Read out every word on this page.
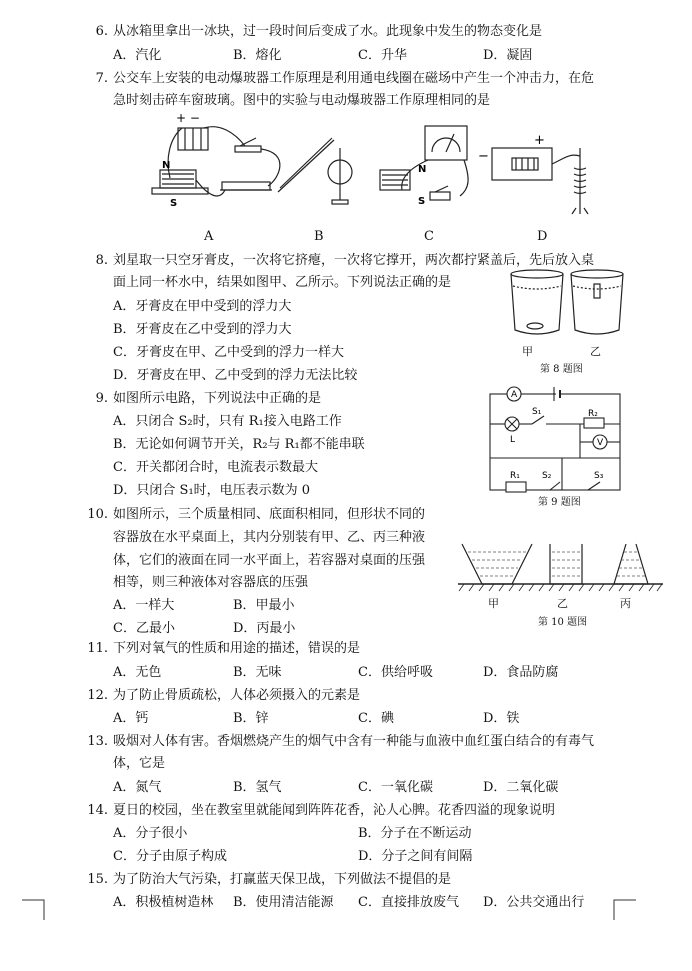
6. 从冰箱里拿出一冰块，过一段时间后变成了水。此现象中发生的物态变化是
A．汽化	B．熔化	C．升华	D．凝固
7. 公交车上安装的电动爆玻器工作原理是利用通电线圈在磁场中产生一个冲击力，在危
急时刻击碎车窗玻璃。图中的实验与电动爆玻器工作原理相同的是
+ −
N
S
N
S
−
+
A	B	C	D
8. 刘星取一只空牙膏皮，一次将它挤瘪，一次将它撑开，两次都拧紧盖后，先后放入桌
面上同一杯水中，结果如图甲、乙所示。下列说法正确的是
A．牙膏皮在甲中受到的浮力大
B．牙膏皮在乙中受到的浮力大
C．牙膏皮在甲、乙中受到的浮力一样大
D．牙膏皮在甲、乙中受到的浮力无法比较
甲	乙
第 8 题图
9. 如图所示电路，下列说法中正确的是
A．只闭合 S₂时，只有 R₁接入电路工作
B．无论如何调节开关，R₂与 R₁都不能串联
C．开关都闭合时，电流表示数最大
D．只闭合 S₁时，电压表示数为 0
A
L
S₁	R₂
V
R₁ S₂	S₃
第 9 题图
10. 如图所示，三个质量相同、底面积相同，但形状不同的
容器放在水平桌面上，其内分别装有甲、乙、丙三种液
体，它们的液面在同一水平面上，若容器对桌面的压强
相等，则三种液体对容器底的压强
A．一样大	B．甲最小
C．乙最小	D．丙最小
甲	乙	丙
第 10 题图
11. 下列对氧气的性质和用途的描述，错误的是
A．无色	B．无味	C．供给呼吸	D．食品防腐
12. 为了防止骨质疏松，人体必须摄入的元素是
A．钙	B．锌	C．碘	D．铁
13. 吸烟对人体有害。香烟燃烧产生的烟气中含有一种能与血液中血红蛋白结合的有毒气
体，它是
A．氮气	B．氢气	C．一氧化碳	D．二氧化碳
14. 夏日的校园，坐在教室里就能闻到阵阵花香，沁人心脾。花香四溢的现象说明
A．分子很小	B．分子在不断运动
C．分子由原子构成	D．分子之间有间隔
15. 为了防治大气污染，打赢蓝天保卫战，下列做法不提倡的是
A．积极植树造林 B．使用清洁能源 C．直接排放废气 D．公共交通出行
